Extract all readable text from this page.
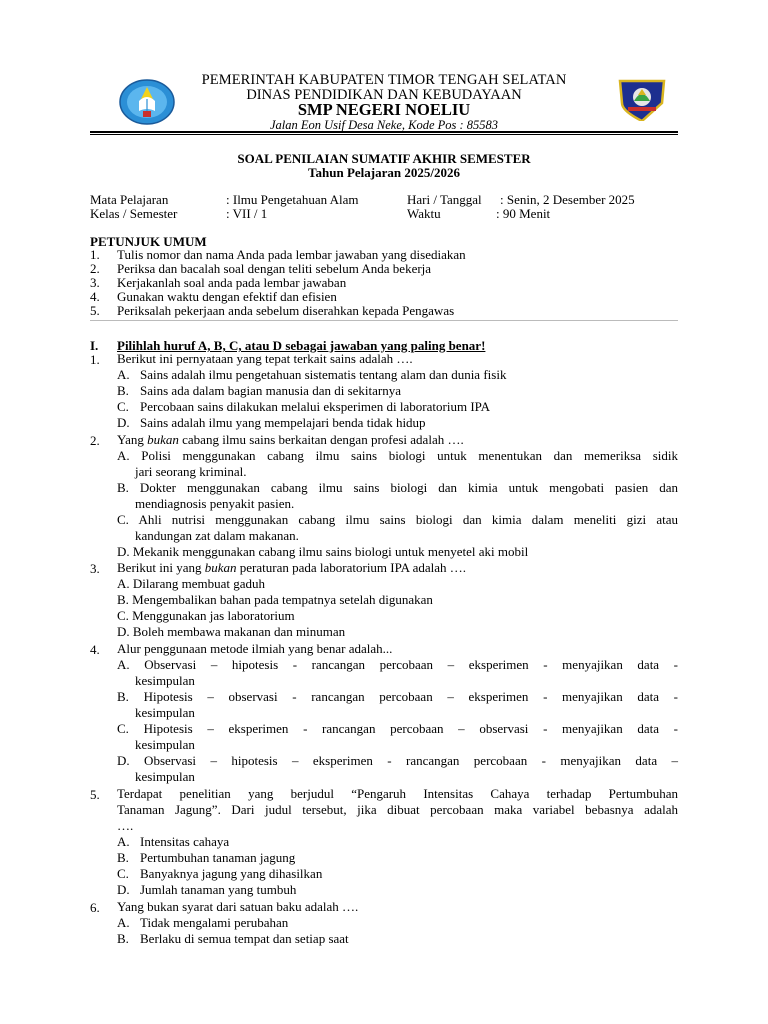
PEMERINTAH KABUPATEN TIMOR TENGAH SELATAN
DINAS PENDIDIKAN DAN KEBUDAYAAN
SMP NEGERI NOELIU
Jalan Eon Usif Desa Neke, Kode Pos : 85583
SOAL PENILAIAN SUMATIF AKHIR SEMESTER
Tahun Pelajaran 2025/2026
Mata Pelajaran	: Ilmu Pengetahuan Alam	Hari / Tanggal : Senin, 2 Desember 2025
Kelas / Semester	: VII / 1	Waktu	: 90 Menit
PETUNJUK UMUM
1. Tulis nomor dan nama Anda pada lembar jawaban yang disediakan
2. Periksa dan bacalah soal dengan teliti sebelum Anda bekerja
3. Kerjakanlah soal anda pada lembar jawaban
4. Gunakan waktu dengan efektif dan efisien
5. Periksalah pekerjaan anda sebelum diserahkan kepada Pengawas
I. Pilihlah huruf A, B, C, atau D sebagai jawaban yang paling benar!
1. Berikut ini pernyataan yang tepat terkait sains adalah ….
A. Sains adalah ilmu pengetahuan sistematis tentang alam dan dunia fisik
B. Sains ada dalam bagian manusia dan di sekitarnya
C. Percobaan sains dilakukan melalui eksperimen di laboratorium IPA
D. Sains adalah ilmu yang mempelajari benda tidak hidup
2. Yang bukan cabang ilmu sains berkaitan dengan profesi adalah ….
A. Polisi menggunakan cabang ilmu sains biologi untuk menentukan dan memeriksa sidik
jari seorang kriminal.
B. Dokter menggunakan cabang ilmu sains biologi dan kimia untuk mengobati pasien dan
mendiagnosis penyakit pasien.
C. Ahli nutrisi menggunakan cabang ilmu sains biologi dan kimia dalam meneliti gizi atau
kandungan zat dalam makanan.
D. Mekanik menggunakan cabang ilmu sains biologi untuk menyetel aki mobil
3. Berikut ini yang bukan peraturan pada laboratorium IPA adalah ….
A. Dilarang membuat gaduh
B. Mengembalikan bahan pada tempatnya setelah digunakan
C. Menggunakan jas laboratorium
D. Boleh membawa makanan dan minuman
4. Alur penggunaan metode ilmiah yang benar adalah...
A. Observasi – hipotesis - rancangan percobaan – eksperimen - menyajikan data -
kesimpulan
B. Hipotesis – observasi - rancangan percobaan – eksperimen - menyajikan data -
kesimpulan
C. Hipotesis – eksperimen - rancangan percobaan – observasi - menyajikan data -
kesimpulan
D. Observasi – hipotesis – eksperimen - rancangan percobaan - menyajikan data –
kesimpulan
5. Terdapat penelitian yang berjudul “Pengaruh Intensitas Cahaya terhadap Pertumbuhan
Tanaman Jagung”. Dari judul tersebut, jika dibuat percobaan maka variabel bebasnya adalah
….
A. Intensitas cahaya
B. Pertumbuhan tanaman jagung
C. Banyaknya jagung yang dihasilkan
D. Jumlah tanaman yang tumbuh
6. Yang bukan syarat dari satuan baku adalah ….
A. Tidak mengalami perubahan
B. Berlaku di semua tempat dan setiap saat
